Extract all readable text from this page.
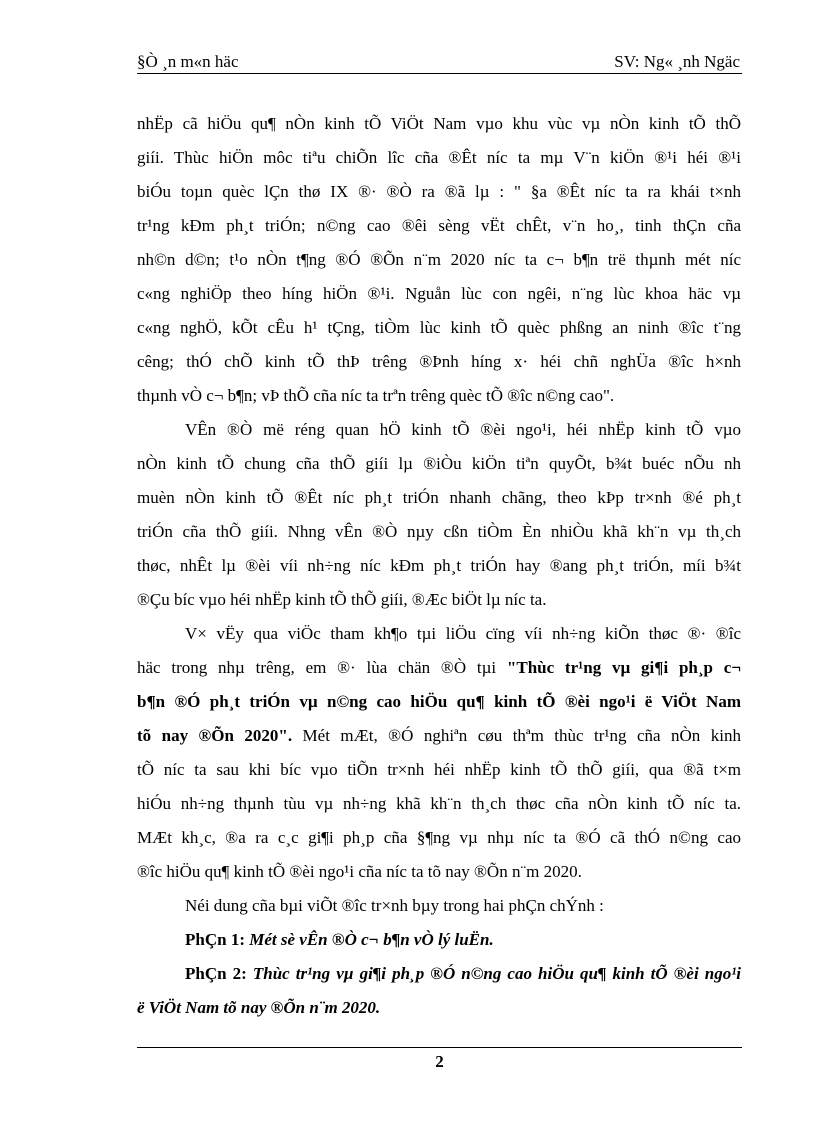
§Ò ¸n m«n häc	SV: Ng« ¸nh Ngäc
nhËp cã hiÖu qu¶ nÒn kinh tÕ ViÖt Nam vµo khu vùc vµ nÒn kinh tÕ thÕ
giíi. Thùc hiÖn môc tiªu chiÕn lîc cña ®Êt níc ta mµ V¨n kiÖn ®¹i héi ®¹i
biÓu toµn quèc lÇn thø IX ®· ®Ò ra ®ã lµ : " §a ®Êt níc ta ra khái t×nh
tr¹ng kÐm ph¸t triÓn; n©ng cao ®êi sèng vËt chÊt, v¨n ho¸, tinh thÇn cña
nh©n d©n; t¹o nÒn t¶ng ®Ó ®Õn n¨m 2020 níc ta c¬ b¶n trë thµnh mét níc
c«ng nghiÖp theo híng hiÖn ®¹i. Nguån lùc con ngêi, n¨ng lùc khoa häc vµ
c«ng nghÖ, kÕt cÊu h¹ tÇng, tiÒm lùc kinh tÕ quèc phßng an ninh ®îc t¨ng
cêng; thÓ chÕ kinh tÕ thÞ trêng ®Þnh híng x· héi chñ nghÜa ®îc h×nh
thµnh vÒ c¬ b¶n; vÞ thÕ cña níc ta trªn trêng quèc tÕ ®îc n©ng cao".
VÊn ®Ò më réng quan hÖ kinh tÕ ®èi ngo¹i, héi nhËp kinh tÕ vµo
nÒn kinh tÕ chung cña thÕ giíi lµ ®iÒu kiÖn tiªn quyÕt, b¾t buéc nÕu nh
muèn nÒn kinh tÕ ®Êt níc ph¸t triÓn nhanh chãng, theo kÞp tr×nh ®é ph¸t
triÓn cña thÕ giíi. Nhng vÊn ®Ò nµy cßn tiÒm Èn nhiÒu khã kh¨n vµ th¸ch
thøc, nhÊt lµ ®èi víi nh÷ng níc kÐm ph¸t triÓn hay ®ang ph¸t triÓn, míi b¾t
®Çu bíc vµo héi nhËp kinh tÕ thÕ giíi, ®Æc biÖt lµ níc ta.
V× vËy qua viÖc tham kh¶o tµi liÖu cïng víi nh÷ng kiÕn thøc ®· ®îc
häc trong nhµ trêng, em ®· lùa chän ®Ò tµi "Thùc tr¹ng vµ gi¶i ph¸p c¬
b¶n ®Ó ph¸t triÓn vµ n©ng cao hiÖu qu¶ kinh tÕ ®èi ngo¹i ë ViÖt Nam
tõ nay ®Õn 2020". Mét mÆt, ®Ó nghiªn cøu thªm thùc tr¹ng cña nÒn kinh
tÕ níc ta sau khi bíc vµo tiÕn tr×nh héi nhËp kinh tÕ thÕ giíi, qua ®ã t×m
hiÓu nh÷ng thµnh tùu vµ nh÷ng khã kh¨n th¸ch thøc cña nÒn kinh tÕ níc ta.
MÆt kh¸c, ®a ra c¸c gi¶i ph¸p cña §¶ng vµ nhµ níc ta ®Ó cã thÓ n©ng cao
®îc hiÖu qu¶ kinh tÕ ®èi ngo¹i cña níc ta tõ nay ®Õn n¨m 2020.
Néi dung cña bµi viÕt ®îc tr×nh bµy trong hai phÇn chÝnh :
PhÇn 1: Mét sè vÊn ®Ò c¬ b¶n vÒ lý luËn.
PhÇn 2: Thùc tr¹ng vµ gi¶i ph¸p ®Ó n©ng cao hiÖu qu¶ kinh tÕ ®èi ngo¹i
ë ViÖt Nam tõ nay ®Õn n¨m 2020.
2
